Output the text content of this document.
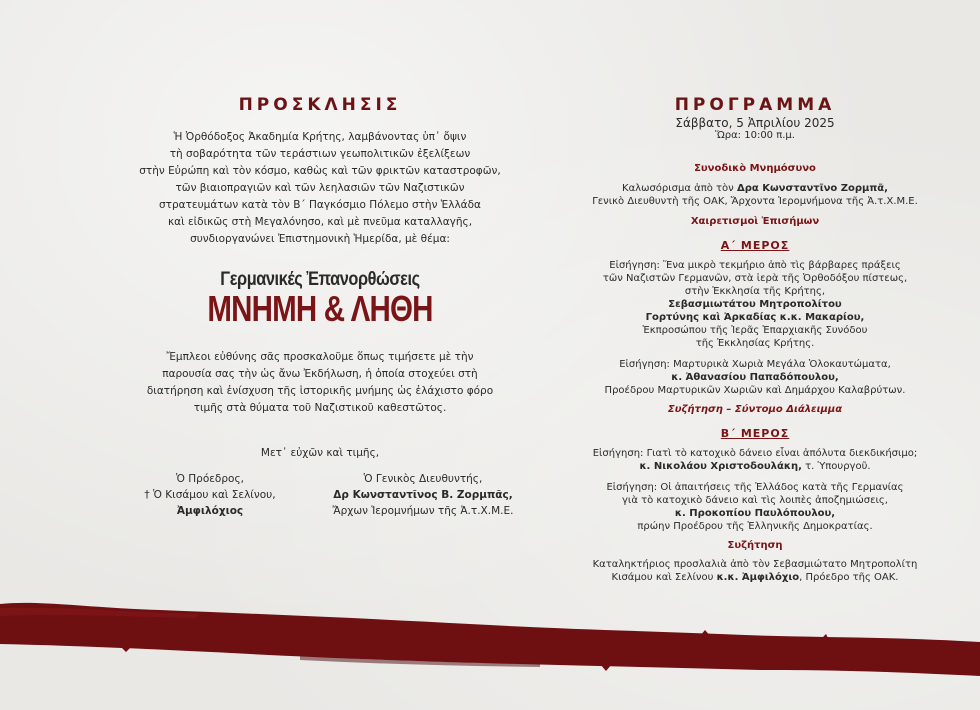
ΠΡΟΣΚΛΗΣΙΣ
Ἡ Ὀρθόδοξος Ἀκαδημία Κρήτης, λαμβάνοντας ὑπ᾽ ὄψιν
τὴ σοβαρότητα τῶν τεράστιων γεωπολιτικῶν ἐξελίξεων
στὴν Εὐρώπη καὶ τὸν κόσμο, καθὼς καὶ τῶν φρικτῶν καταστροφῶν,
τῶν βιαιοπραγιῶν καὶ τῶν λεηλασιῶν τῶν Ναζιστικῶν
στρατευμάτων κατὰ τὸν Β΄ Παγκόσμιο Πόλεμο στὴν Ἑλλάδα
καὶ εἰδικῶς στὴ Μεγαλόνησο, καὶ μὲ πνεῦμα καταλλαγῆς,
συνδιοργανώνει Ἐπιστημονικὴ Ἡμερίδα, μὲ θέμα:
Γερμανικές Ἐπανορθώσεις
ΜΝΗΜΗ & ΛΗΘΗ
Ἔμπλεοι εὐθύνης σᾶς προσκαλοῦμε ὅπως τιμήσετε μὲ τὴν
παρουσία σας τὴν ὡς ἄνω Ἐκδήλωση, ἡ ὁποία στοχεύει στὴ
διατήρηση καὶ ἐνίσχυση τῆς ἱστορικῆς μνήμης ὡς ἐλάχιστο φόρο
τιμῆς στὰ θύματα τοῦ Ναζιστικοῦ καθεστῶτος.
Μετ᾽ εὐχῶν καὶ τιμῆς,
Ὁ Πρόεδρος,
† Ὁ Κισάμου καὶ Σελίνου,
Ἀμφιλόχιος
Ὁ Γενικὸς Διευθυντής,
Δρ Κωνσταντῖνος Β. Ζορμπᾶς,
Ἄρχων Ἱερομνήμων τῆς Ἀ.τ.Χ.Μ.Ε.
ΠΡΟΓΡΑΜΜΑ
Σάββατο, 5 Ἀπριλίου 2025
Ὥρα: 10:00 π.μ.
Συνοδικὸ Μνημόσυνο
Καλωσόρισμα ἀπὸ τὸν Δρα Κωνσταντῖνο Ζορμπᾶ,
Γενικὸ Διευθυντὴ τῆς ΟΑΚ, Ἄρχοντα Ἱερομνήμονα τῆς Ἀ.τ.Χ.Μ.Ε.
Χαιρετισμοὶ Ἐπισήμων
Α΄ ΜΕΡΟΣ
Εἰσήγηση: Ἕνα μικρὸ τεκμήριο ἀπὸ τὶς βάρβαρες πράξεις
τῶν Ναζιστῶν Γερμανῶν, στὰ ἱερὰ τῆς Ὀρθοδόξου πίστεως,
στὴν Ἐκκλησία τῆς Κρήτης,
Σεβασμιωτάτου Μητροπολίτου
Γορτύνης καὶ Ἀρκαδίας κ.κ. Μακαρίου,
Ἐκπροσώπου τῆς Ἱερᾶς Ἐπαρχιακῆς Συνόδου
τῆς Ἐκκλησίας Κρήτης.
Εἰσήγηση: Μαρτυρικὰ Χωριὰ Μεγάλα Ὁλοκαυτώματα,
κ. Ἀθανασίου Παπαδόπουλου,
Προέδρου Μαρτυρικῶν Χωριῶν καὶ Δημάρχου Καλαβρύτων.
Συζήτηση – Σύντομο Διάλειμμα
Β΄ ΜΕΡΟΣ
Εἰσήγηση: Γιατὶ τὸ κατοχικὸ δάνειο εἶναι ἀπόλυτα διεκδικήσιμο;
κ. Νικολάου Χριστοδουλάκη, τ. Ὑπουργοῦ.
Εἰσήγηση: Οἱ ἀπαιτήσεις τῆς Ἑλλάδος κατὰ τῆς Γερμανίας
γιὰ τὸ κατοχικὸ δάνειο καὶ τὶς λοιπὲς ἀποζημιώσεις,
κ. Προκοπίου Παυλόπουλου,
πρώην Προέδρου τῆς Ἑλληνικῆς Δημοκρατίας.
Συζήτηση
Καταληκτήριος προσλαλιὰ ἀπὸ τὸν Σεβασμιώτατο Μητροπολίτη
Κισάμου καὶ Σελίνου κ.κ. Ἀμφιλόχιο, Πρόεδρο τῆς ΟΑΚ.
